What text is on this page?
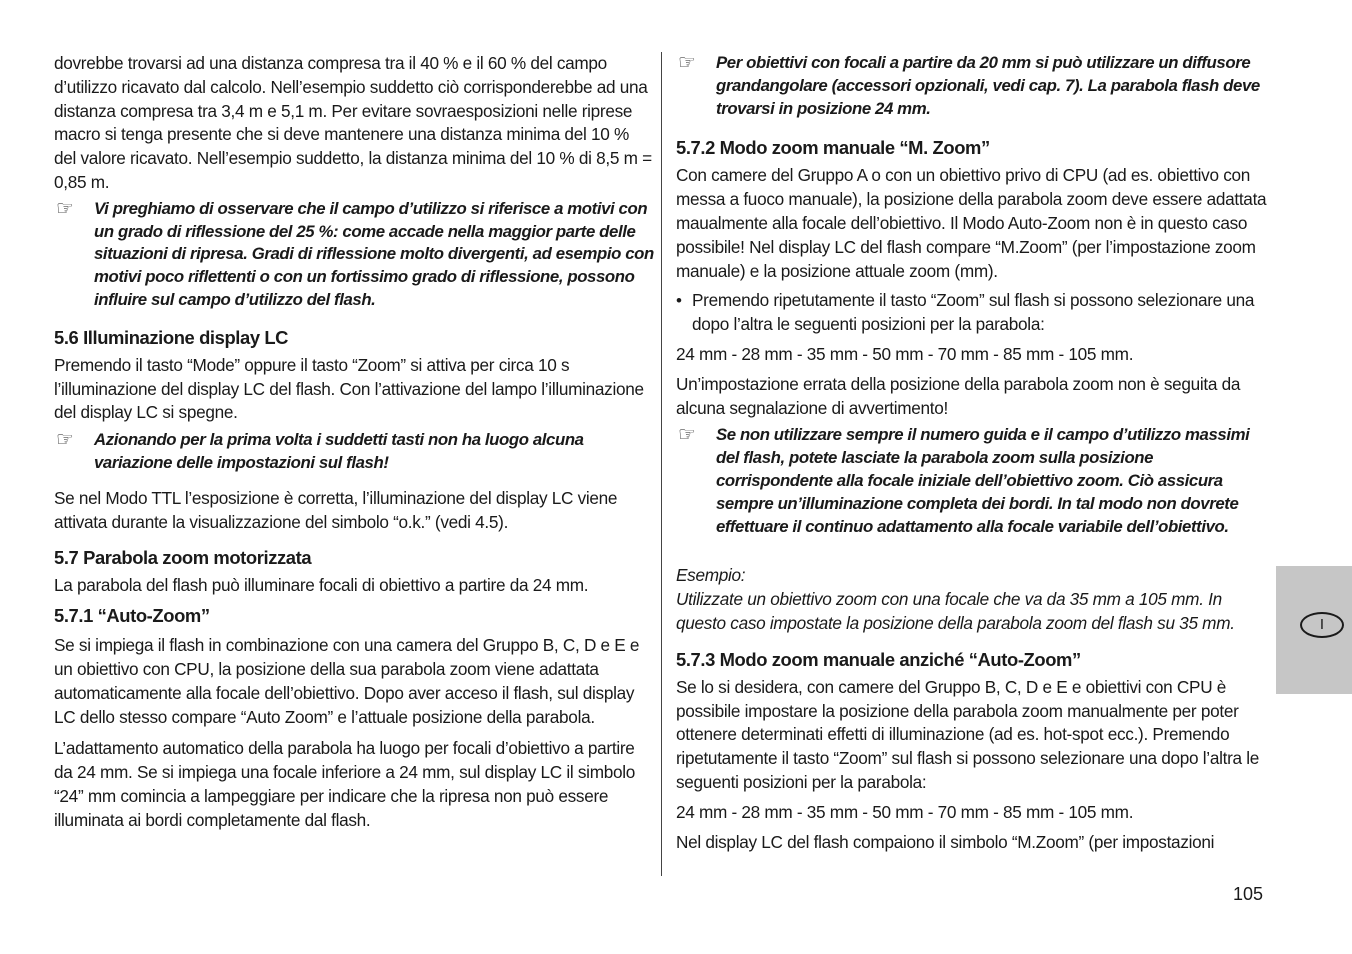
dovrebbe trovarsi ad una distanza compresa tra il 40 % e il 60 % del campo d’utilizzo ricavato dal calcolo. Nell’esempio suddetto ciò corrisponderebbe ad una distanza compresa tra 3,4 m e 5,1 m. Per evitare sovraesposizioni nelle riprese macro si tenga presente che si deve mantenere una distanza minima del 10 % del valore ricavato. Nell’esempio suddetto, la distanza minima del 10 % di 8,5 m = 0,85 m.

☞ Vi preghiamo di osservare che il campo d’utilizzo si riferisce a motivi con un grado di riflessione del 25 %: come accade nella maggior parte delle situazioni di ripresa. Gradi di riflessione molto divergenti, ad esempio con motivi poco riflettenti o con un fortissimo grado di riflessione, possono influire sul campo d’utilizzo del flash.

5.6 Illuminazione display LC

Premendo il tasto “Mode” oppure il tasto “Zoom” si attiva per circa 10 s l’illuminazione del display LC del flash. Con l’attivazione del lampo l’illuminazione del display LC si spegne.

☞ Azionando per la prima volta i suddetti tasti non ha luogo alcuna variazione delle impostazioni sul flash!

Se nel Modo TTL l’esposizione è corretta, l’illuminazione del display LC viene attivata durante la visualizzazione del simbolo “o.k.” (vedi 4.5).

5.7 Parabola zoom motorizzata

La parabola del flash può illuminare focali di obiettivo a partire da 24 mm.

5.7.1 “Auto-Zoom”

Se si impiega il flash in combinazione con una camera del Gruppo B, C, D e E e un obiettivo con CPU, la posizione della sua parabola zoom viene adattata automaticamente alla focale dell’obiettivo. Dopo aver acceso il flash, sul display LC dello stesso compare “Auto Zoom” e l’attuale posizione della parabola.

L’adattamento automatico della parabola ha luogo per focali d’obiettivo a partire da 24 mm. Se si impiega una focale inferiore a 24 mm, sul display LC il simbolo “24” mm comincia a lampeggiare per indicare che la ripresa non può essere illuminata ai bordi completamente dal flash.

☞ Per obiettivi con focali a partire da 20 mm si può utilizzare un diffusore grandangolare (accessori opzionali, vedi cap. 7). La parabola flash deve trovarsi in posizione 24 mm.

5.7.2 Modo zoom manuale “M. Zoom”

Con camere del Gruppo A o con un obiettivo privo di CPU (ad es. obiettivo con messa a fuoco manuale), la posizione della parabola zoom deve essere adattata maualmente alla focale dell’obiettivo. Il Modo Auto-Zoom non è in questo caso possibile! Nel display LC del flash compare “M.Zoom” (per l’impostazione zoom manuale) e la posizione attuale zoom (mm).

• Premendo ripetutamente il tasto “Zoom” sul flash si possono selezionare una dopo l’altra le seguenti posizioni per la parabola:

24 mm - 28 mm - 35 mm - 50 mm - 70 mm - 85 mm - 105 mm.

Un’impostazione errata della posizione della parabola zoom non è seguita da alcuna segnalazione di avvertimento!

☞ Se non utilizzare sempre il numero guida e il campo d’utilizzo massimi del flash, potete lasciate la parabola zoom sulla posizione corrispondente alla focale iniziale dell’obiettivo zoom. Ciò assicura sempre un’illuminazione completa dei bordi. In tal modo non dovrete effettuare il continuo adattamento alla focale variabile dell’obiettivo.

Esempio:

Utilizzate un obiettivo zoom con una focale che va da 35 mm a 105 mm. In questo caso impostate la posizione della parabola zoom del flash su 35 mm.

5.7.3 Modo zoom manuale anziché “Auto-Zoom”

Se lo si desidera, con camere del Gruppo B, C, D e E e obiettivi con CPU è possibile impostare la posizione della parabola zoom manualmente per poter ottenere determinati effetti di illuminazione (ad es. hot-spot ecc.). Premendo ripetutamente il tasto “Zoom” sul flash si possono selezionare una dopo l’altra le seguenti posizioni per la parabola:

24 mm - 28 mm - 35 mm - 50 mm - 70 mm - 85 mm - 105 mm.

Nel display LC del flash compaiono il simbolo “M.Zoom” (per impostazioni

I
105
